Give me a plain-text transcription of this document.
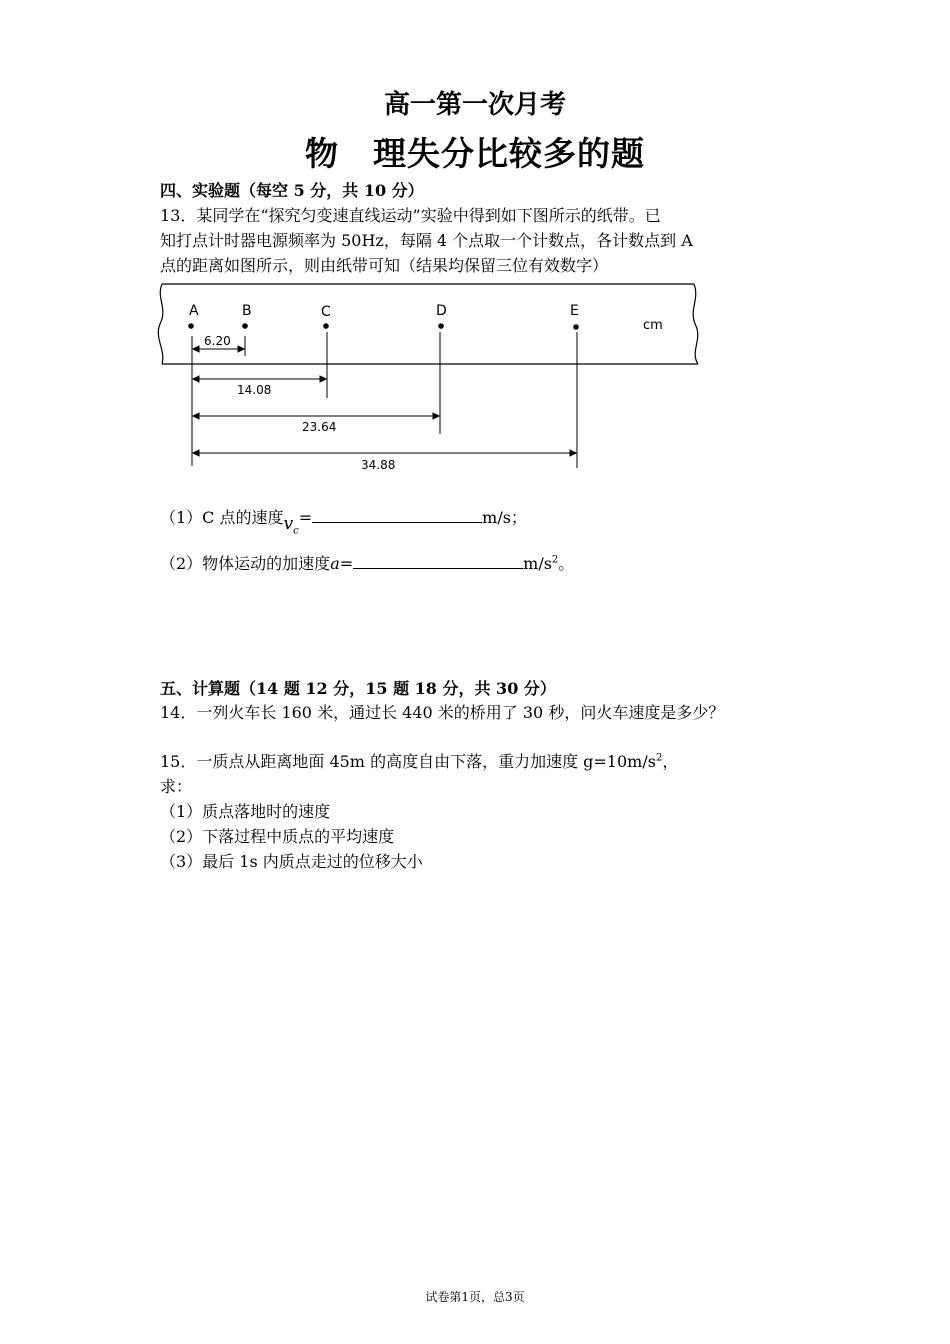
高一第一次月考
物　理失分比较多的题
四、实验题（每空 5 分，共 10 分）
13．某同学在“探究匀变速直线运动”实验中得到如下图所示的纸带。已
知打点计时器电源频率为 50Hz，每隔 4 个点取一个计数点，各计数点到 A
点的距离如图所示，则由纸带可知（结果均保留三位有效数字）
A	B	C	D	E
cm
6.20
14.08
23.64
34.88
（1）C 点的速度$v_c=$	m/s；
（2）物体运动的加速度a=	$m/s^2$。
五、计算题（14 题 12 分，15 题 18 分，共 30 分）
14．一列火车长 160 米，通过长 440 米的桥用了 30 秒，问火车速度是多少？
15．一质点从距离地面 45m 的高度自由下落，重力加速度 $g=10m/s^2$，
求：
（1）质点落地时的速度
（2）下落过程中质点的平均速度
（3）最后 1s 内质点走过的位移大小
试卷第1页，总3页
